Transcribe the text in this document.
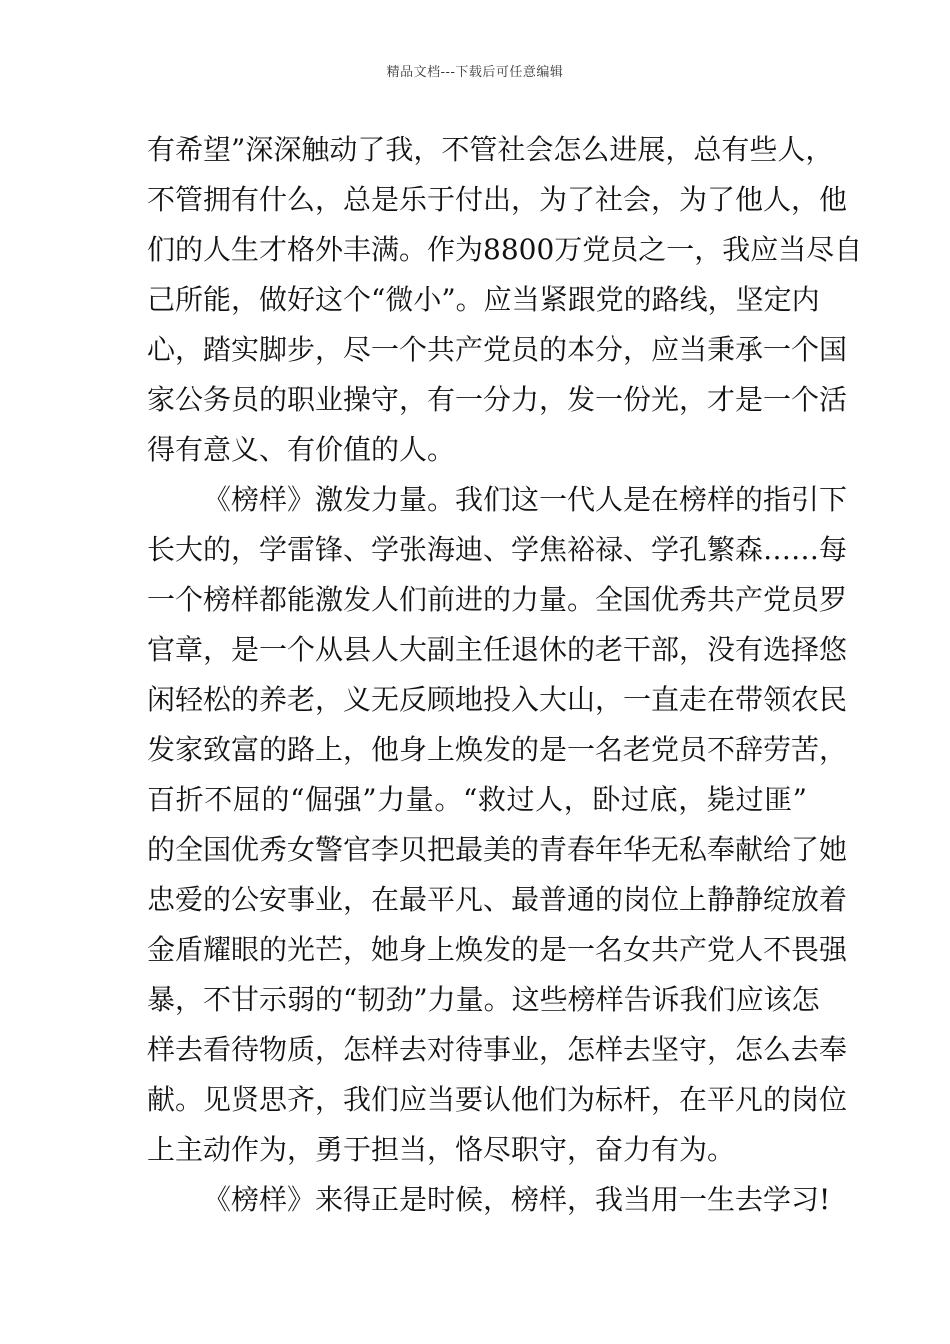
精品文档---下载后可任意编辑
有希望”深深触动了我，不管社会怎么进展，总有些人，
不管拥有什么，总是乐于付出，为了社会，为了他人，他
们的人生才格外丰满。作为8800万党员之一，我应当尽自
己所能，做好这个“微小”。应当紧跟党的路线，坚定内
心，踏实脚步，尽一个共产党员的本分，应当秉承一个国
家公务员的职业操守，有一分力，发一份光，才是一个活
得有意义、有价值的人。
《榜样》激发力量。我们这一代人是在榜样的指引下
长大的，学雷锋、学张海迪、学焦裕禄、学孔繁森……每
一个榜样都能激发人们前进的力量。全国优秀共产党员罗
官章，是一个从县人大副主任退休的老干部，没有选择悠
闲轻松的养老，义无反顾地投入大山，一直走在带领农民
发家致富的路上，他身上焕发的是一名老党员不辞劳苦，
百折不屈的“倔强”力量。“救过人，卧过底，毙过匪”
的全国优秀女警官李贝把最美的青春年华无私奉献给了她
忠爱的公安事业，在最平凡、最普通的岗位上静静绽放着
金盾耀眼的光芒，她身上焕发的是一名女共产党人不畏强
暴，不甘示弱的“韧劲”力量。这些榜样告诉我们应该怎
样去看待物质，怎样去对待事业，怎样去坚守，怎么去奉
献。见贤思齐，我们应当要认他们为标杆，在平凡的岗位
上主动作为，勇于担当，恪尽职守，奋力有为。
《榜样》来得正是时候，榜样，我当用一生去学习!
